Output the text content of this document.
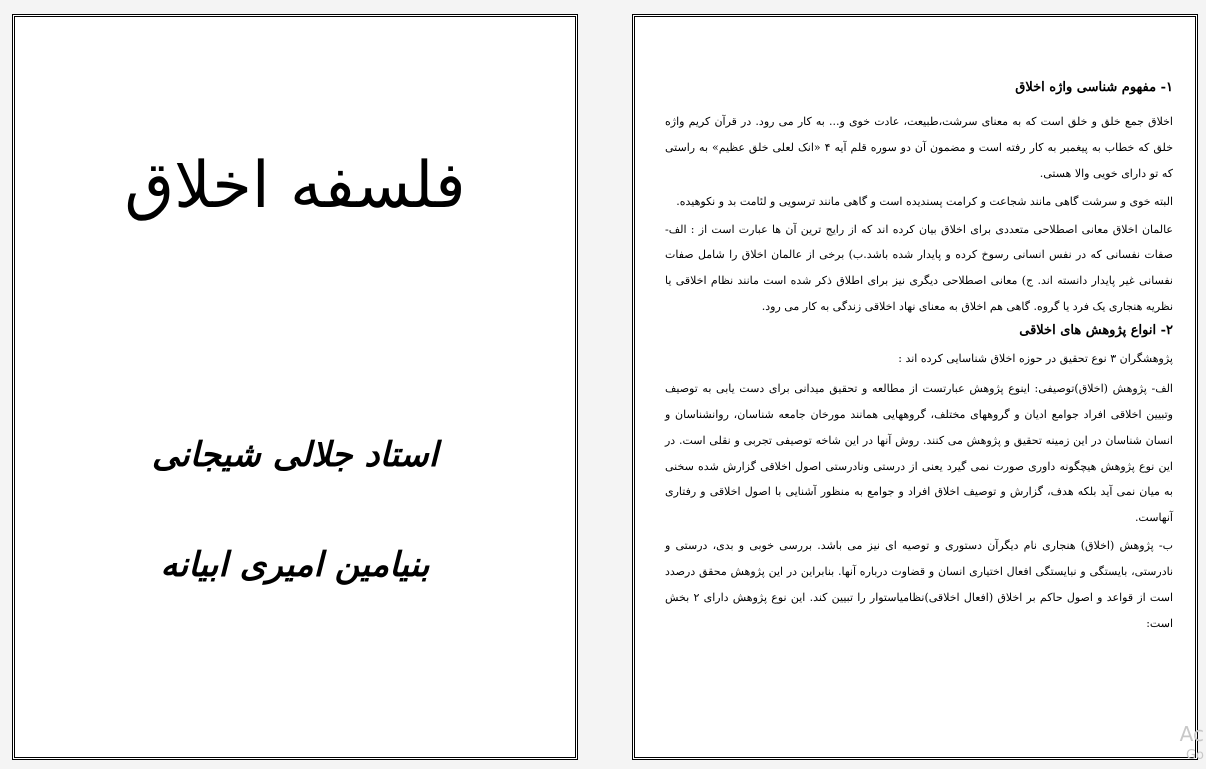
فلسفه اخلاق
استاد جلالی شیجانی
بنیامین امیری ابیانه
۱- مفهوم شناسی واژه اخلاق

اخلاق جمع خلق و خلق است که به معنای سرشت،طبیعت، عادت خوی و... به کار می رود. در قرآن کریم واژه خلق که خطاب به پیغمبر به کار رفته است و مضمون آن دو سوره قلم آیه ۴ «انک لعلی خلق عظیم» به راستی که تو دارای خویی والا هستی.

البته خوی و سرشت گاهی مانند شجاعت و کرامت پسندیده است و گاهی مانند ترسویی و لئامت بد و نکوهیده.

عالمان اخلاق معانی اصطلاحی متعددی برای اخلاق بیان کرده اند که از رایج ترین آن ها عبارت است از : الف- صفات نفسانی که در نفس انسانی رسوخ کرده و پایدار شده باشد.ب) برخی از عالمان اخلاق را شامل صفات نفسانی غیر پایدار دانسته اند. ج) معانی اصطلاحی دیگری نیز برای اطلاق ذکر شده است مانند نظام اخلاقی یا نظریه هنجاری یک فرد یا گروه. گاهی هم اخلاق به معنای نهاد اخلاقی زندگی به کار می رود.

۲- انواع پژوهش های اخلاقی

پژوهشگران ۳ نوع تحقیق در حوزه اخلاق شناسایی کرده اند :

الف- پژوهش (اخلاق)توصیفی: اینوع پژوهش عبارتست از مطالعه و تحقیق میدانی برای دست یابی به توصیف وتبیین اخلاقی افراد جوامع ادیان و گروههای مختلف، گروههایی همانند مورخان جامعه شناسان، روانشناسان و انسان شناسان در این زمینه تحقیق و پژوهش می کنند. روش آنها در این شاخه توصیفی تجربی و نقلی است. در این نوع پژوهش هیچگونه داوری صورت نمی گیرد یعنی از درستی ونادرستی اصول اخلاقی گزارش شده سخنی به میان نمی آید بلکه هدف، گزارش و توصیف اخلاق افراد و جوامع به منظور آشنایی با اصول اخلاقی و رفتاری آنهاست.

ب- پژوهش (اخلاق) هنجاری نام دیگرآن دستوری و توصیه ای نیز می باشد. بررسی خوبی و بدی، درستی و نادرستی، بایستگی و نبایستگی افعال اختیاری انسان و قضاوت درباره آنها. بنابراین در این پژوهش محقق درصدد است از قواعد و اصول حاکم بر اخلاق (افعال اخلاقی)نظامیاستوار را تبیین کند. این نوع پژوهش دارای ۲ بخش است:

Ac
Go
